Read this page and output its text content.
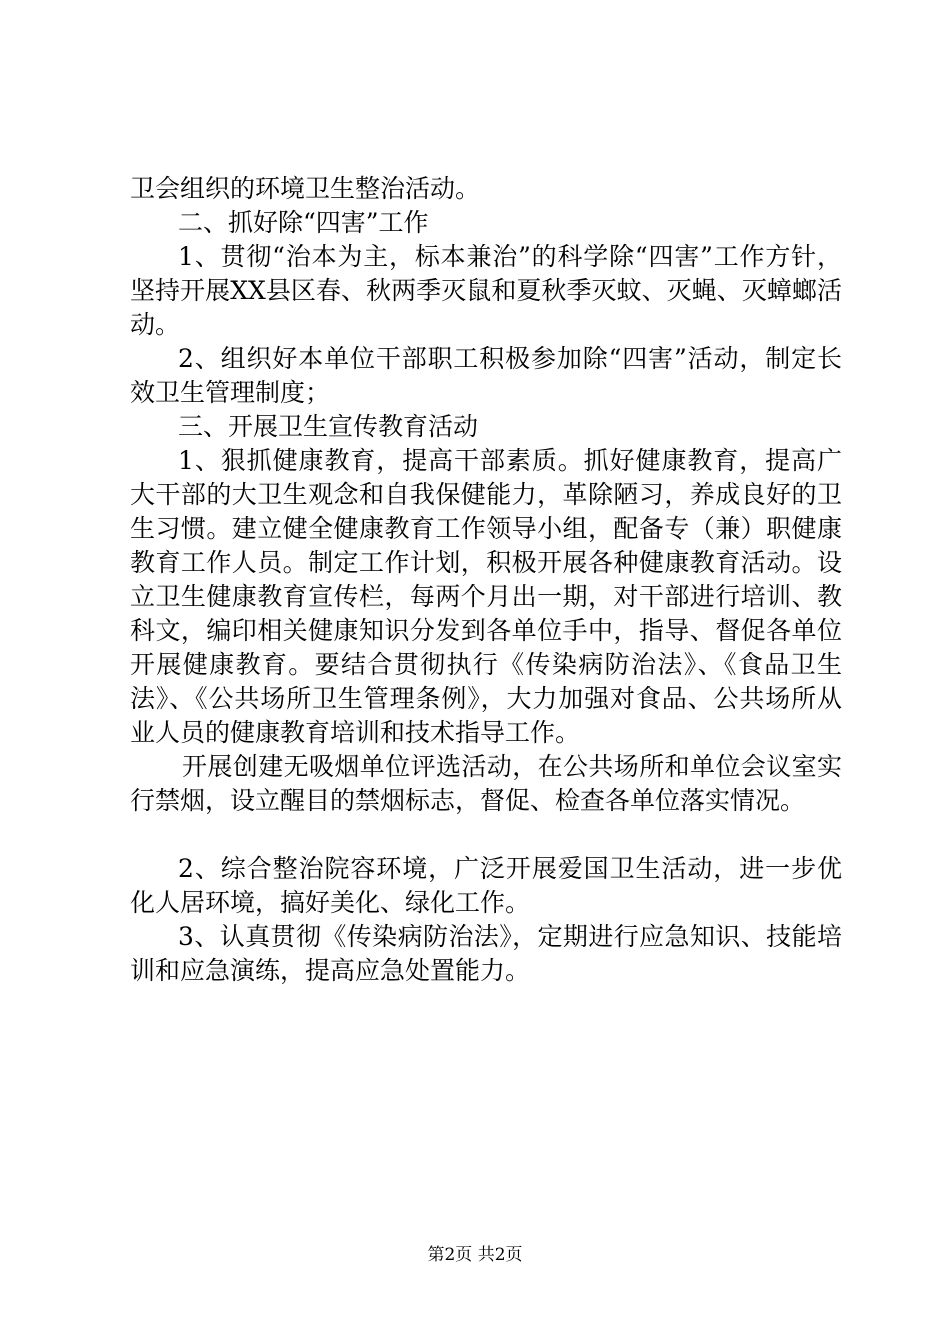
卫会组织的环境卫生整治活动。

二、抓好除“四害”工作

1、贯彻“治本为主，标本兼治”的科学除“四害”工作方针，坚持开展XX县区春、秋两季灭鼠和夏秋季灭蚊、灭蝇、灭蟑螂活动。

2、组织好本单位干部职工积极参加除“四害”活动，制定长效卫生管理制度；

三、开展卫生宣传教育活动

1、狠抓健康教育，提高干部素质。抓好健康教育，提高广大干部的大卫生观念和自我保健能力，革除陋习，养成良好的卫生习惯。建立健全健康教育工作领导小组，配备专（兼）职健康教育工作人员。制定工作计划，积极开展各种健康教育活动。设立卫生健康教育宣传栏，每两个月出一期，对干部进行培训、教科文，编印相关健康知识分发到各单位手中，指导、督促各单位开展健康教育。要结合贯彻执行《传染病防治法》、《食品卫生法》、《公共场所卫生管理条例》，大力加强对食品、公共场所从业人员的健康教育培训和技术指导工作。

开展创建无吸烟单位评选活动，在公共场所和单位会议室实行禁烟，设立醒目的禁烟标志，督促、检查各单位落实情况。

2、综合整治院容环境，广泛开展爱国卫生活动，进一步优化人居环境，搞好美化、绿化工作。

3、认真贯彻《传染病防治法》，定期进行应急知识、技能培训和应急演练，提高应急处置能力。

第2页 共2页
